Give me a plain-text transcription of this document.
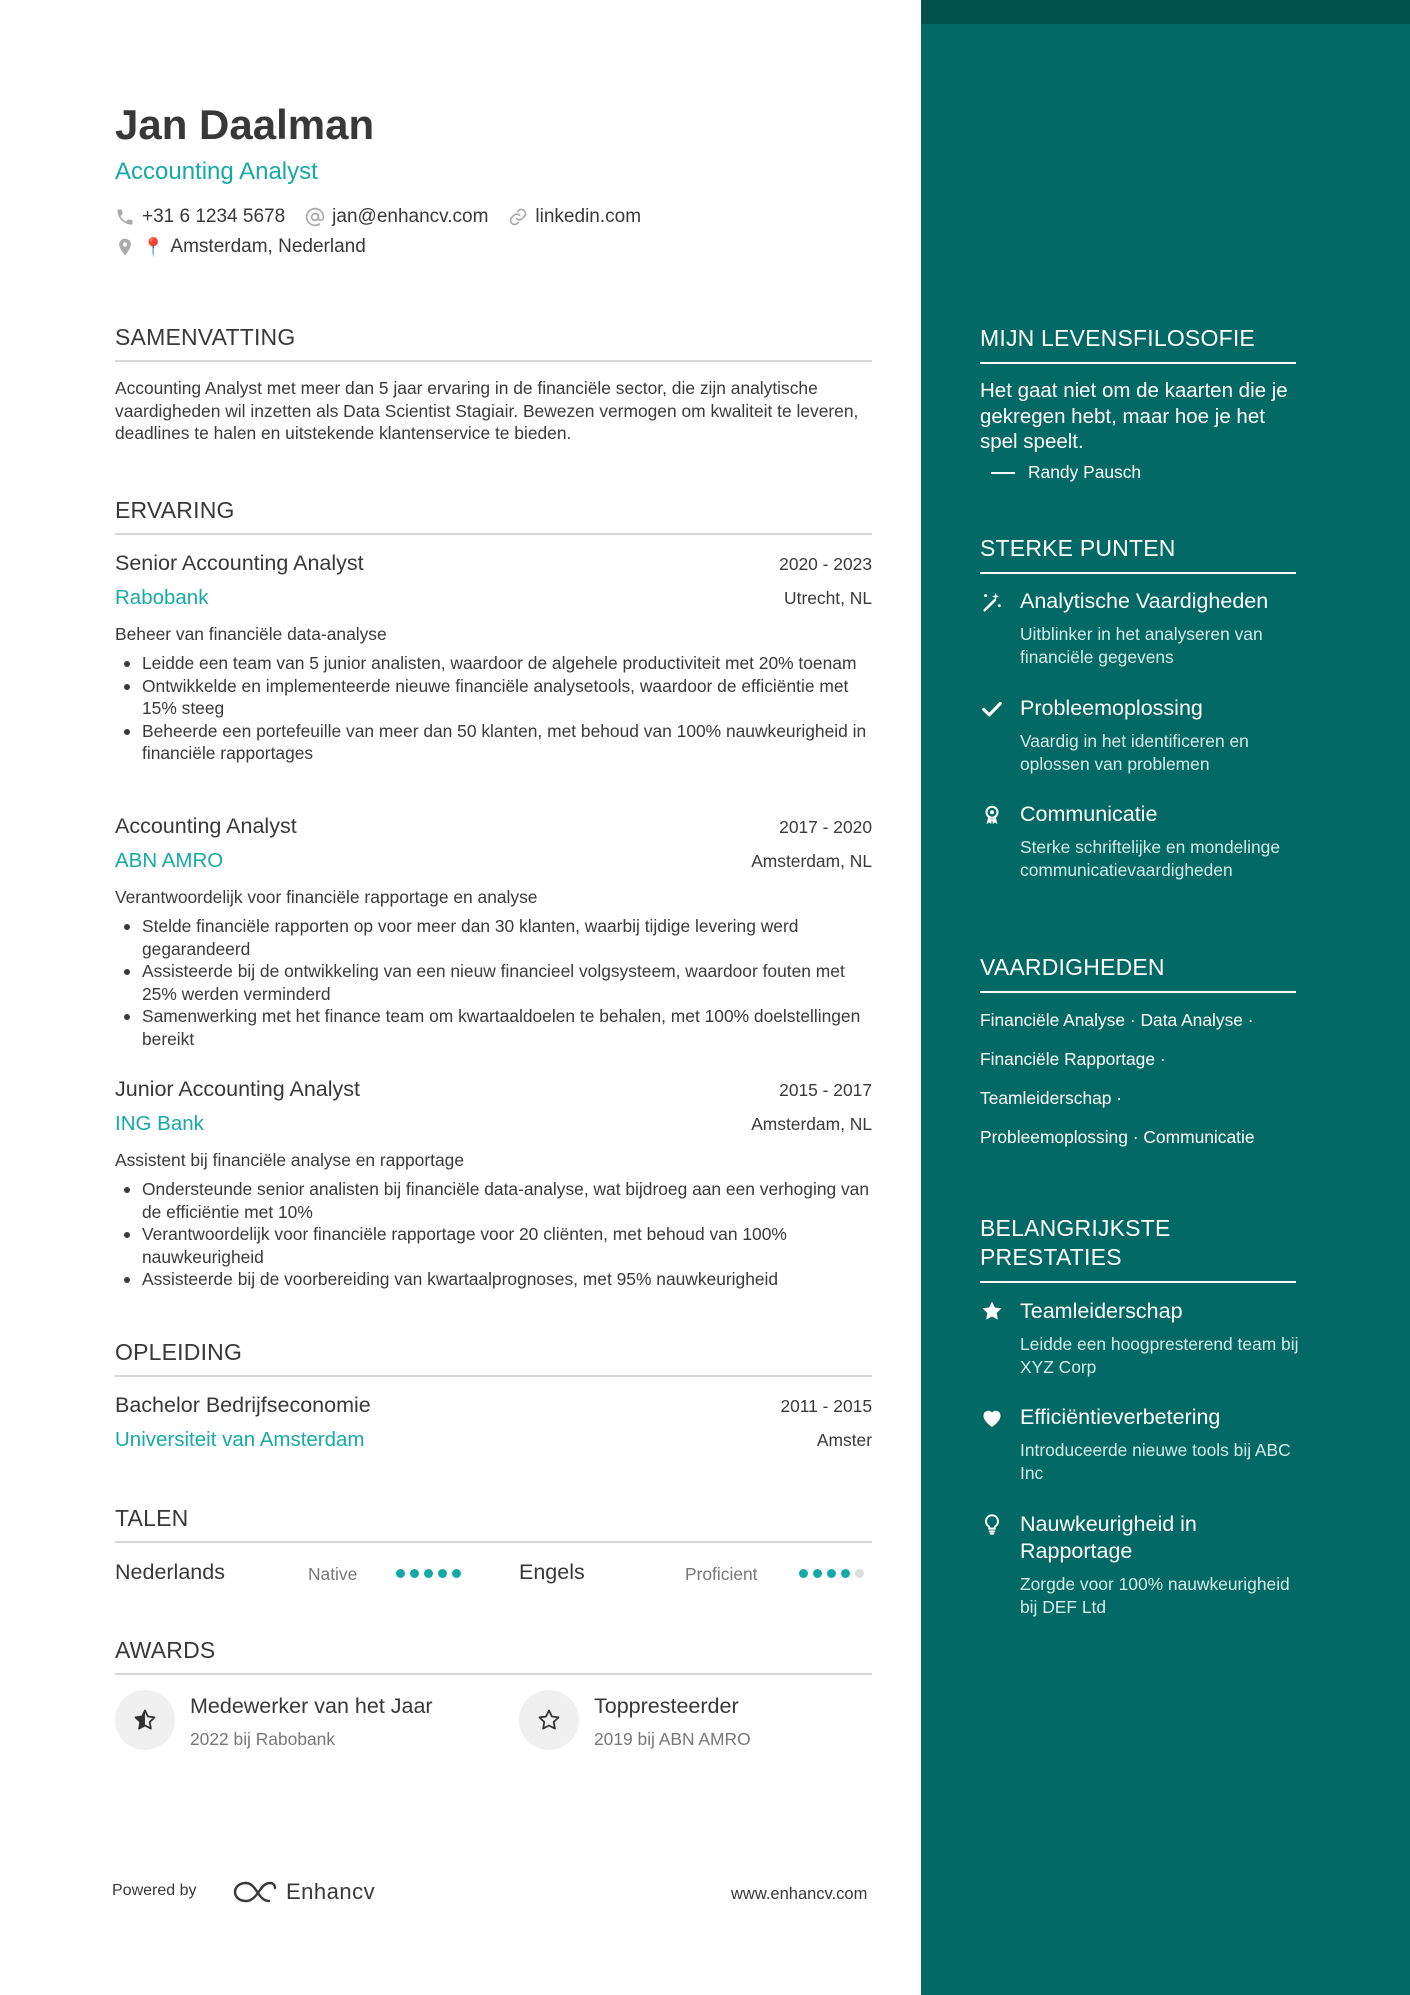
Jan Daalman
Accounting Analyst
+31 6 1234 5678 jan@enhancv.com linkedin.com
📍 Amsterdam, Nederland
SAMENVATTING
Accounting Analyst met meer dan 5 jaar ervaring in de financiële sector, die zijn analytische vaardigheden wil inzetten als Data Scientist Stagiair. Bewezen vermogen om kwaliteit te leveren, deadlines te halen en uitstekende klantenservice te bieden.
ERVARING
Senior Accounting Analyst	2020 - 2023
Rabobank	Utrecht, NL
Beheer van financiële data-analyse
Leidde een team van 5 junior analisten, waardoor de algehele productiviteit met 20% toenam
Ontwikkelde en implementeerde nieuwe financiële analysetools, waardoor de efficiëntie met 15% steeg
Beheerde een portefeuille van meer dan 50 klanten, met behoud van 100% nauwkeurigheid in financiële rapportages
Accounting Analyst	2017 - 2020
ABN AMRO	Amsterdam, NL
Verantwoordelijk voor financiële rapportage en analyse
Stelde financiële rapporten op voor meer dan 30 klanten, waarbij tijdige levering werd gegarandeerd
Assisteerde bij de ontwikkeling van een nieuw financieel volgsysteem, waardoor fouten met 25% werden verminderd
Samenwerking met het finance team om kwartaaldoelen te behalen, met 100% doelstellingen bereikt
Junior Accounting Analyst	2015 - 2017
ING Bank	Amsterdam, NL
Assistent bij financiële analyse en rapportage
Ondersteunde senior analisten bij financiële data-analyse, wat bijdroeg aan een verhoging van de efficiëntie met 10%
Verantwoordelijk voor financiële rapportage voor 20 cliënten, met behoud van 100% nauwkeurigheid
Assisteerde bij de voorbereiding van kwartaalprognoses, met 95% nauwkeurigheid
OPLEIDING
Bachelor Bedrijfseconomie	2011 - 2015
Universiteit van Amsterdam	Amster
TALEN
Nederlands	Native	Engels	Proficient
AWARDS
Medewerker van het Jaar
2022 bij Rabobank
Toppresteerder
2019 bij ABN AMRO
Powered by	Enhancv	www.enhancv.com
MIJN LEVENSFILOSOFIE
Het gaat niet om de kaarten die je gekregen hebt, maar hoe je het spel speelt.
Randy Pausch
STERKE PUNTEN
Analytische Vaardigheden
Uitblinker in het analyseren van financiële gegevens
Probleemoplossing
Vaardig in het identificeren en oplossen van problemen
Communicatie
Sterke schriftelijke en mondelinge communicatievaardigheden
VAARDIGHEDEN
Financiële Analyse · Data Analyse ·
Financiële Rapportage ·
Teamleiderschap ·
Probleemoplossing · Communicatie
BELANGRIJKSTE PRESTATIES
Teamleiderschap
Leidde een hoogpresterend team bij XYZ Corp
Efficiëntieverbetering
Introduceerde nieuwe tools bij ABC Inc
Nauwkeurigheid in Rapportage
Zorgde voor 100% nauwkeurigheid bij DEF Ltd
